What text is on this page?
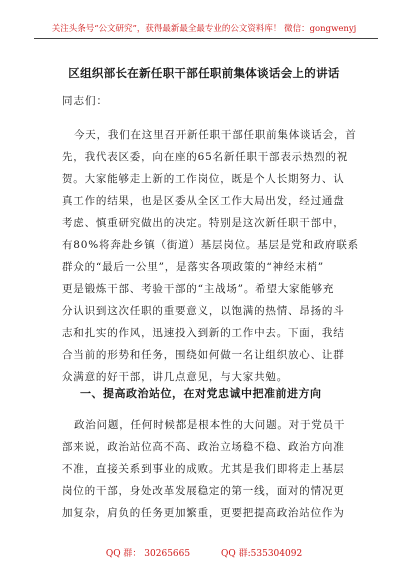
关注头条号“公文研究”，获得最新最全最专业的公文资料库！ 微信：gongwenyj
区组织部长在新任职干部任职前集体谈话会上的讲话
同志们：
今天，我们在这里召开新任职干部任职前集体谈话会，首
先，我代表区委，向在座的65名新任职干部表示热烈的祝
贺。大家能够走上新的工作岗位，既是个人长期努力、认
真工作的结果，也是区委从全区工作大局出发，经过通盘
考虑、慎重研究做出的决定。特别是这次新任职干部中，
有80%将奔赴乡镇（街道）基层岗位。基层是党和政府联系
群众的“最后一公里”，是落实各项政策的“神经末梢”
更是锻炼干部、考验干部的“主战场”。希望大家能够充
分认识到这次任职的重要意义，以饱满的热情、昂扬的斗
志和扎实的作风，迅速投入到新的工作中去。下面，我结
合当前的形势和任务，围绕如何做一名让组织放心、让群
众满意的好干部，讲几点意见，与大家共勉。
一、提高政治站位，在对党忠诚中把准前进方向
政治问题，任何时候都是根本性的大问题。对于党员干
部来说，政治站位高不高、政治立场稳不稳、政治方向准
不准，直接关系到事业的成败。尤其是我们即将走上基层
岗位的干部，身处改革发展稳定的第一线，面对的情况更
加复杂，肩负的任务更加繁重，更要把提高政治站位作为
QQ 群： 30265665	QQ 群:535304092
